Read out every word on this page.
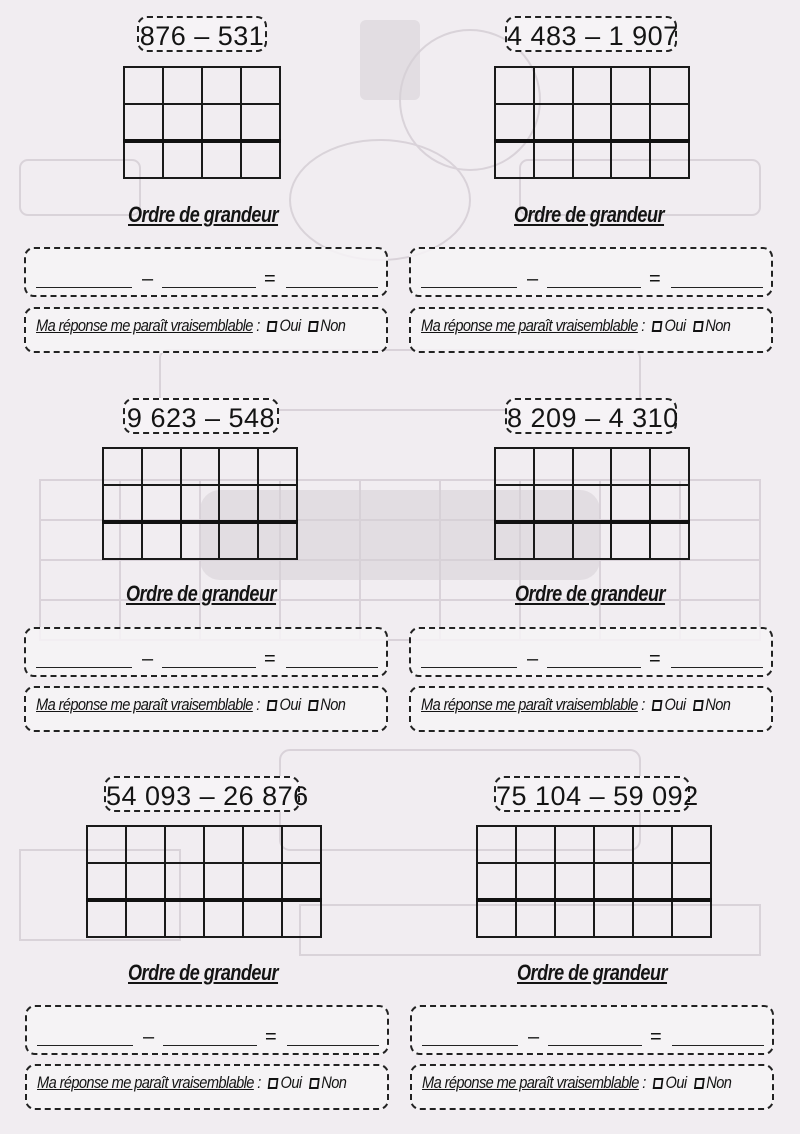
876 – 531

Ordre de grandeur
–	=
Ma réponse me paraît vraisemblable : Oui Non
4 483 – 1 907

Ordre de grandeur
–	=
Ma réponse me paraît vraisemblable : Oui Non
9 623 – 548

Ordre de grandeur
–	=
Ma réponse me paraît vraisemblable : Oui Non
8 209 – 4 310

Ordre de grandeur
–	=
Ma réponse me paraît vraisemblable : Oui Non
54 093 – 26 876

Ordre de grandeur
–	=
Ma réponse me paraît vraisemblable : Oui Non
75 104 – 59 092

Ordre de grandeur
–	=
Ma réponse me paraît vraisemblable : Oui Non
